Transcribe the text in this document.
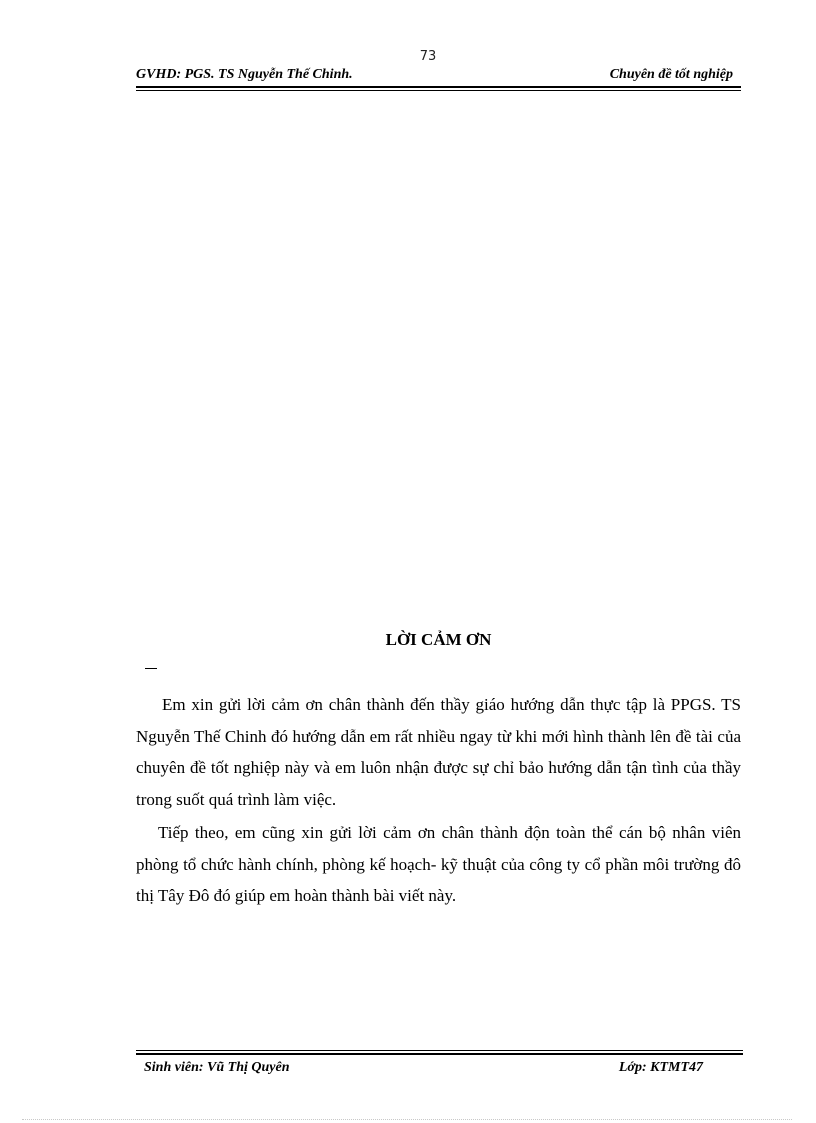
73
GVHD: PGS. TS Nguyễn Thế Chinh.	Chuyên đề tốt nghiệp
LỜI CẢM ƠN

Em xin gửi lời cảm ơn chân thành đến thầy giáo hướng dẫn thực tập là PPGS. TS Nguyễn Thế Chinh đó hướng dẫn em rất nhiều ngay từ khi mới hình thành lên đề tài của chuyên đề tốt nghiệp này và em luôn nhận được sự chỉ bảo hướng dẫn tận tình của thầy trong suốt quá trình làm việc.

Tiếp theo, em cũng xin gửi lời cảm ơn chân thành độn toàn thể cán bộ nhân viên phòng tổ chức hành chính, phòng kế hoạch- kỹ thuật của công ty cổ phần môi trường đô thị Tây Đô đó giúp em hoàn thành bài viết này.

Sinh viên: Vũ Thị Quyên	Lớp: KTMT47
